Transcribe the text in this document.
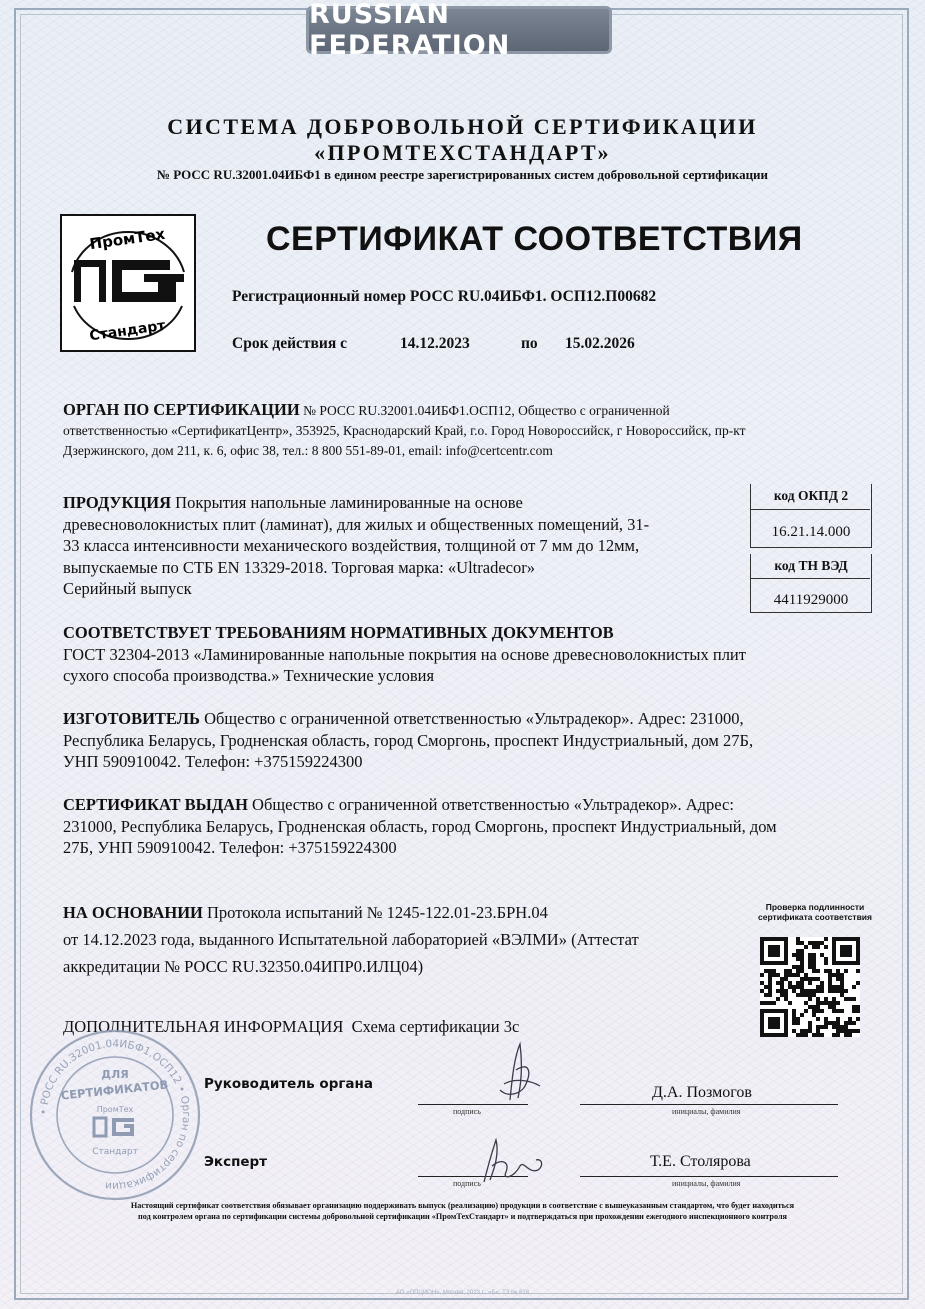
RUSSIAN FEDERATION
СИСТЕМА ДОБРОВОЛЬНОЙ СЕРТИФИКАЦИИ
«ПРОМТЕХСТАНДАРТ»
№ РОСС RU.З2001.04ИБФ1 в едином реестре зарегистрированных систем добровольной сертификации
ПромТех
Стандарт
СЕРТИФИКАТ СООТВЕТСТВИЯ
Регистрационный номер РОСС RU.04ИБФ1. ОСП12.П00682
Срок действия с	14.12.2023	по 15.02.2026
ОРГАН ПО СЕРТИФИКАЦИИ № РОСС RU.З2001.04ИБФ1.ОСП12, Общество с ограниченной
ответственностью «СертификатЦентр», 353925, Краснодарский Край, г.о. Город Новороссийск, г Новороссийск, пр-кт
Дзержинского, дом 211, к. 6, офис 38, тел.: 8 800 551-89-01, email: info@certcentr.com
ПРОДУКЦИЯ Покрытия напольные ламинированные на основе
древесноволокнистых плит (ламинат), для жилых и общественных помещений, 31-
33 класса интенсивности механического воздействия, толщиной от 7 мм до 12мм,
выпускаемые по СТБ EN 13329-2018. Торговая марка: «Ultradecor»
Серийный выпуск
код ОКПД 2
16.21.14.000
код ТН ВЭД
4411929000
СООТВЕТСТВУЕТ ТРЕБОВАНИЯМ НОРМАТИВНЫХ ДОКУМЕНТОВ
ГОСТ 32304-2013 «Ламинированные напольные покрытия на основе древесноволокнистых плит
сухого способа производства.» Технические условия
ИЗГОТОВИТЕЛЬ Общество с ограниченной ответственностью «Ультрадекор». Адрес: 231000,
Республика Беларусь, Гродненская область, город Сморгонь, проспект Индустриальный, дом 27Б,
УНП 590910042. Телефон: +375159224300
СЕРТИФИКАТ ВЫДАН Общество с ограниченной ответственностью «Ультрадекор». Адрес:
231000, Республика Беларусь, Гродненская область, город Сморгонь, проспект Индустриальный, дом
27Б, УНП 590910042. Телефон: +375159224300
НА ОСНОВАНИИ Протокола испытаний № 1245-122.01-23.БРН.04
от 14.12.2023 года, выданного Испытательной лабораторией «ВЭЛМИ» (Аттестат
аккредитации № РОСС RU.32350.04ИПР0.ИЛЦ04)
Проверка подлинности
сертификата соответствия
ДОПОЛНИТЕЛЬНАЯ ИНФОРМАЦИЯ Схема сертификации 3с
• РОСС RU.З2001.04ИБФ1.ОСП12 • Орган по сертификации
ДЛЯ
СЕРТИФИКАТОВ
ПромТех
Стандарт
Руководитель органа
подпись
Д.А. Позмогов
инициалы, фамилия
Эксперт
подпись
Т.Е. Столярова
инициалы, фамилия
Настоящий сертификат соответствия обязывает организацию поддерживать выпуск (реализацию) продукции в соответствие с вышеуказанным стандартом, что будет находиться
под контролем органа по сертификации системы добровольной сертификации «ПромТехСтандарт» и подтверждаться при прохождении ежегодного инспекционного контроля
АО «ОПЦИОН», Москва, 2023 г., «Б», ТЗ № 618
